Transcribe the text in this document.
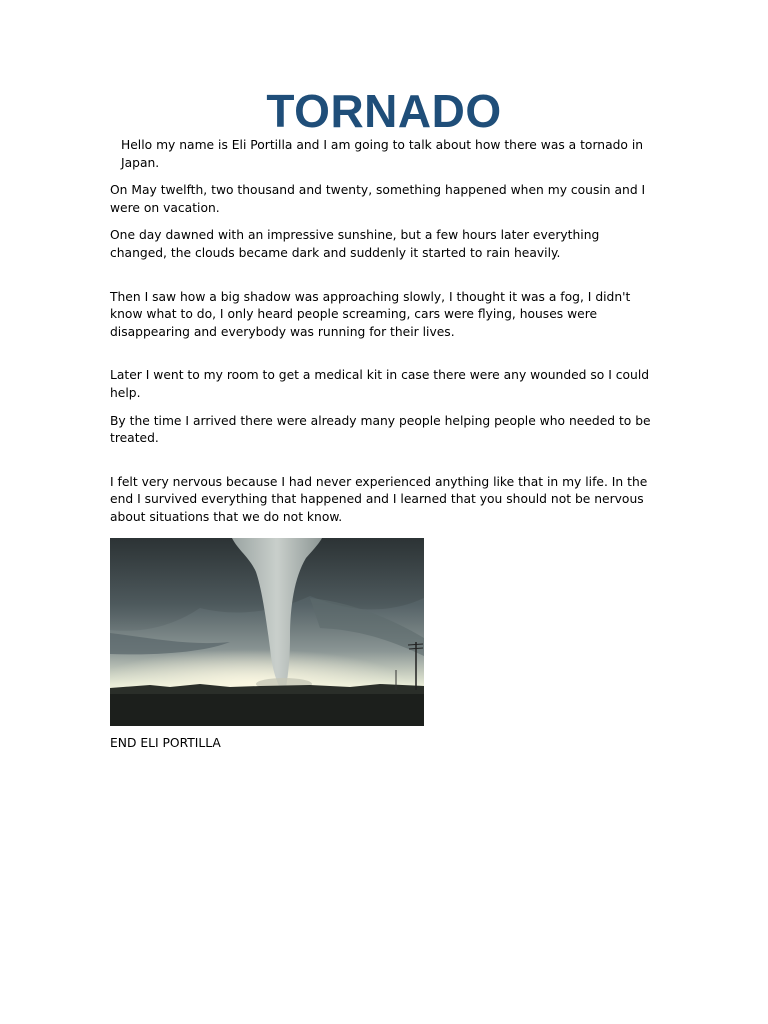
TORNADO

Hello my name is Eli Portilla and I am going to talk about how there was a tornado in Japan.

On May twelfth, two thousand and twenty, something happened when my cousin and I were on vacation.

One day dawned with an impressive sunshine, but a few hours later everything changed, the clouds became dark and suddenly it started to rain heavily.

Then I saw how a big shadow was approaching slowly, I thought it was a fog, I didn't know what to do, I only heard people screaming, cars were flying, houses were disappearing and everybody was running for their lives.

Later I went to my room to get a medical kit in case there were any wounded so I could help.

By the time I arrived there were already many people helping people who needed to be treated.

I felt very nervous because I had never experienced anything like that in my life. In the end I survived everything that happened and I learned that you should not be nervous about situations that we do not know.

END ELI PORTILLA
